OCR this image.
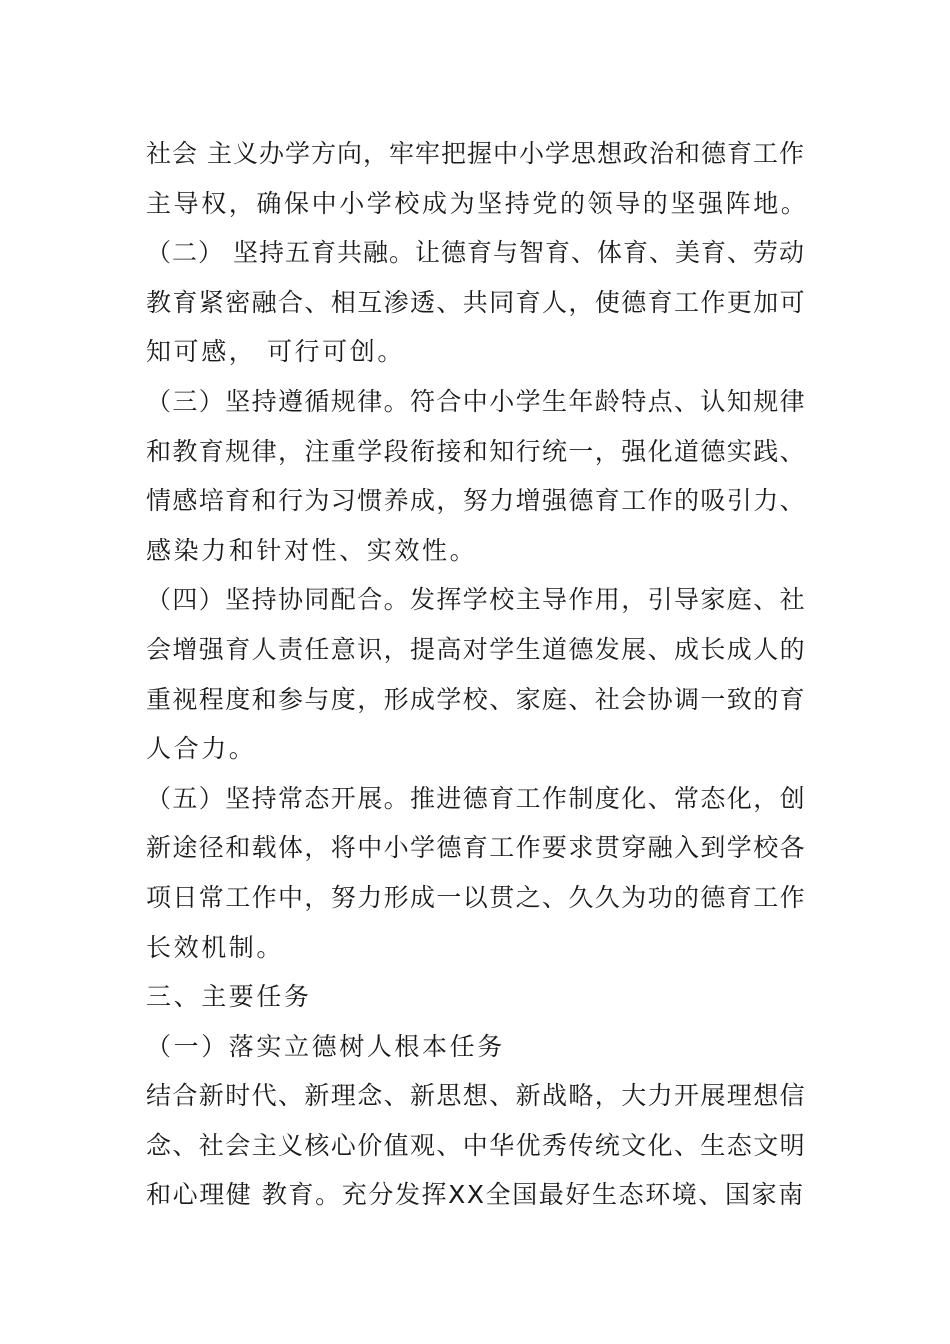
社会 主义办学方向，牢牢把握中小学思想政治和德育工作
主导权，确保中小学校成为坚持党的领导的坚强阵地。
（二） 坚持五育共融。让德育与智育、体育、美育、劳动
教育紧密融合、相互渗透、共同育人，使德育工作更加可
知可感， 可行可创。
（三）坚持遵循规律。符合中小学生年龄特点、认知规律
和教育规律，注重学段衔接和知行统一，强化道德实践、
情感培育和行为习惯养成，努力增强德育工作的吸引力、
感染力和针对性、实效性。
（四）坚持协同配合。发挥学校主导作用，引导家庭、社
会增强育人责任意识，提高对学生道德发展、成长成人的
重视程度和参与度，形成学校、家庭、社会协调一致的育
人合力。
（五）坚持常态开展。推进德育工作制度化、常态化，创
新途径和载体，将中小学德育工作要求贯穿融入到学校各
项日常工作中，努力形成一以贯之、久久为功的德育工作
长效机制。
三、主要任务
（一）落实立德树人根本任务
结合新时代、新理念、新思想、新战略，大力开展理想信
念、社会主义核心价值观、中华优秀传统文化、生态文明
和心理健 教育。充分发挥XX全国最好生态环境、国家南
